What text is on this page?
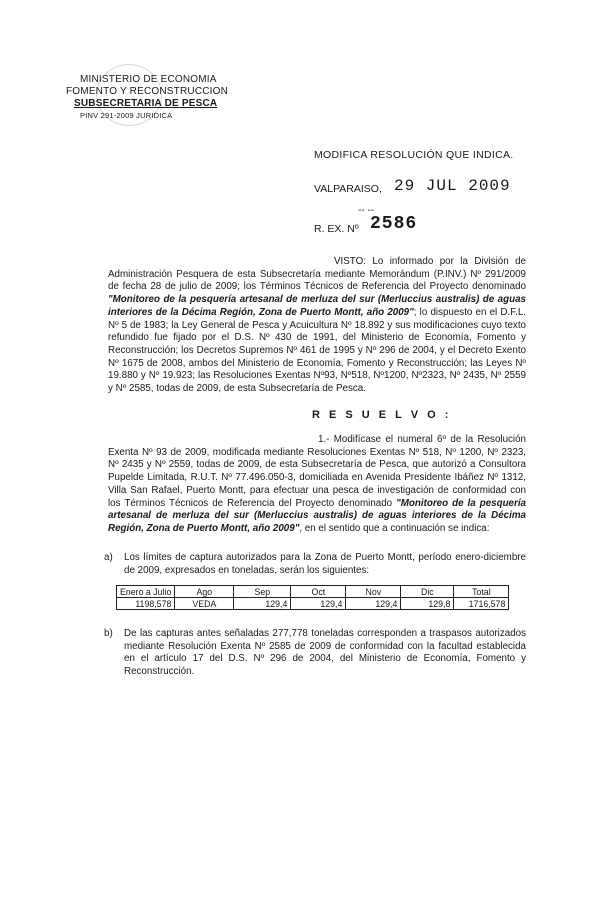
MINISTERIO DE ECONOMIA
FOMENTO Y RECONSTRUCCION
SUBSECRETARIA DE PESCA
PINV 291-2009 JURIDICA
MODIFICA RESOLUCIÓN QUE INDICA.
VALPARAISO, 29 JUL 2009
-- --
R. EX. Nº 2586
VISTO: Lo informado por la División de Administración Pesquera de esta Subsecretaría mediante Memorándum (P.INV.) Nº 291/2009 de fecha 28 de julio de 2009; los Términos Técnicos de Referencia del Proyecto denominado "Monitoreo de la pesquería artesanal de merluza del sur (Merluccius australis) de aguas interiores de la Décima Región, Zona de Puerto Montt, año 2009"; lo dispuesto en el D.F.L. Nº 5 de 1983; la Ley General de Pesca y Acuicultura Nº 18.892 y sus modificaciones cuyo texto refundido fue fijado por el D.S. Nº 430 de 1991, del Ministerio de Economía, Fomento y Reconstrucción; los Decretos Supremos Nº 461 de 1995 y Nº 296 de 2004, y el Decreto Exento Nº 1675 de 2008, ambos del Ministerio de Economía, Fomento y Reconstrucción; las Leyes Nº 19.880 y Nº 19.923; las Resoluciones Exentas Nº93, Nº518, Nº1200, Nº2323, Nº 2435, Nº 2559 y Nº 2585, todas de 2009, de esta Subsecretaría de Pesca.
R E S U E L V O :
1.- Modifícase el numeral 6º de la Resolución Exenta Nº 93 de 2009, modificada mediante Resoluciones Exentas Nº 518, Nº 1200, Nº 2323, Nº 2435 y Nº 2559, todas de 2009, de esta Subsecretaría de Pesca, que autorizó a Consultora Pupelde Limitada, R.U.T. Nº 77.496.050-3, domiciliada en Avenida Presidente Ibáñez Nº 1312, Villa San Rafael, Puerto Montt, para efectuar una pesca de investigación de conformidad con los Términos Técnicos de Referencia del Proyecto denominado "Monitoreo de la pesquería artesanal de merluza del sur (Merluccius australis) de aguas interiores de la Décima Región, Zona de Puerto Montt, año 2009", en el sentido que a continuación se indica:
a) Los límites de captura autorizados para la Zona de Puerto Montt, período enero-diciembre de 2009, expresados en toneladas, serán los siguientes:
Enero a Julio	Ago	Sep	Oct	Nov	Dic	Total
1198,578	VEDA	129,4	129,4	129,4	129,8	1716,578
b) De las capturas antes señaladas 277,778 toneladas corresponden a traspasos autorizados mediante Resolución Exenta Nº 2585 de 2009 de conformidad con la facultad establecida en el artículo 17 del D.S. Nº 296 de 2004, del Ministerio de Economía, Fomento y Reconstrucción.
